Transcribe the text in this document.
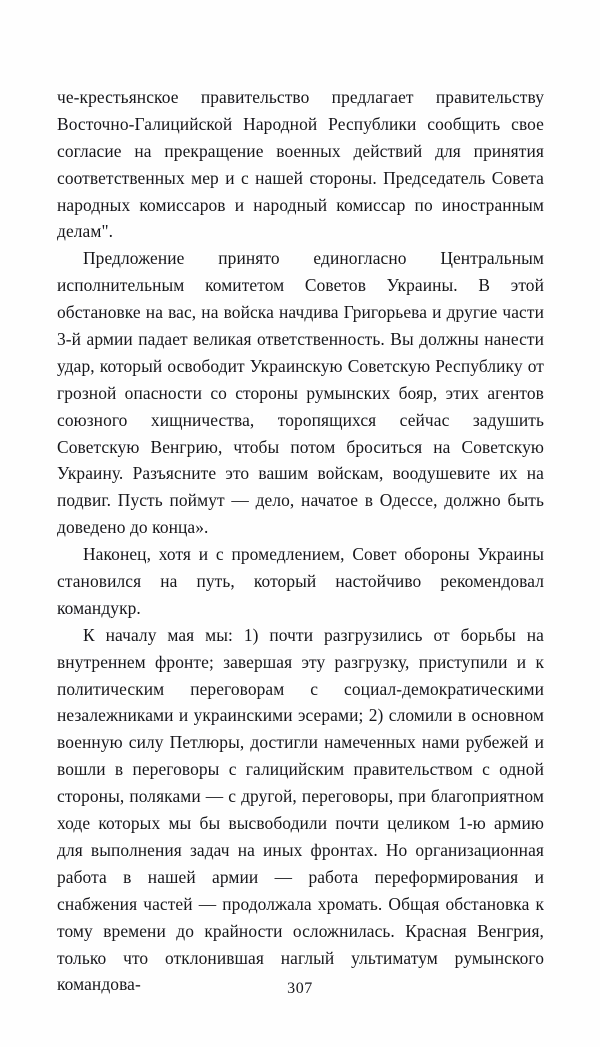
че-крестьянское правительство предлагает правительству Восточно-Галицийской Народной Республики сообщить свое согласие на прекращение военных действий для принятия соответственных мер и с нашей стороны. Председатель Совета народных комиссаров и народный комиссар по иностранным делам".

Предложение принято единогласно Центральным исполнительным комитетом Советов Украины. В этой обстановке на вас, на войска начдива Григорьева и другие части 3-й армии падает великая ответственность. Вы должны нанести удар, который освободит Украинскую Советскую Республику от грозной опасности со стороны румынских бояр, этих агентов союзного хищничества, торопящихся сейчас задушить Советскую Венгрию, чтобы потом броситься на Советскую Украину. Разъясните это вашим войскам, воодушевите их на подвиг. Пусть поймут — дело, начатое в Одессе, должно быть доведено до конца».

Наконец, хотя и с промедлением, Совет обороны Украины становился на путь, который настойчиво рекомендовал командукр.

К началу мая мы: 1) почти разгрузились от борьбы на внутреннем фронте; завершая эту разгрузку, приступили и к политическим переговорам с социал-демократическими незалежниками и украинскими эсерами; 2) сломили в основном военную силу Петлюры, достигли намеченных нами рубежей и вошли в переговоры с галицийским правительством с одной стороны, поляками — с другой, переговоры, при благоприятном ходе которых мы бы высвободили почти целиком 1-ю армию для выполнения задач на иных фронтах. Но организационная работа в нашей армии — работа переформирования и снабжения частей — продолжала хромать. Общая обстановка к тому времени до крайности осложнилась. Красная Венгрия, только что отклонившая наглый ультиматум румынского командова-	307
